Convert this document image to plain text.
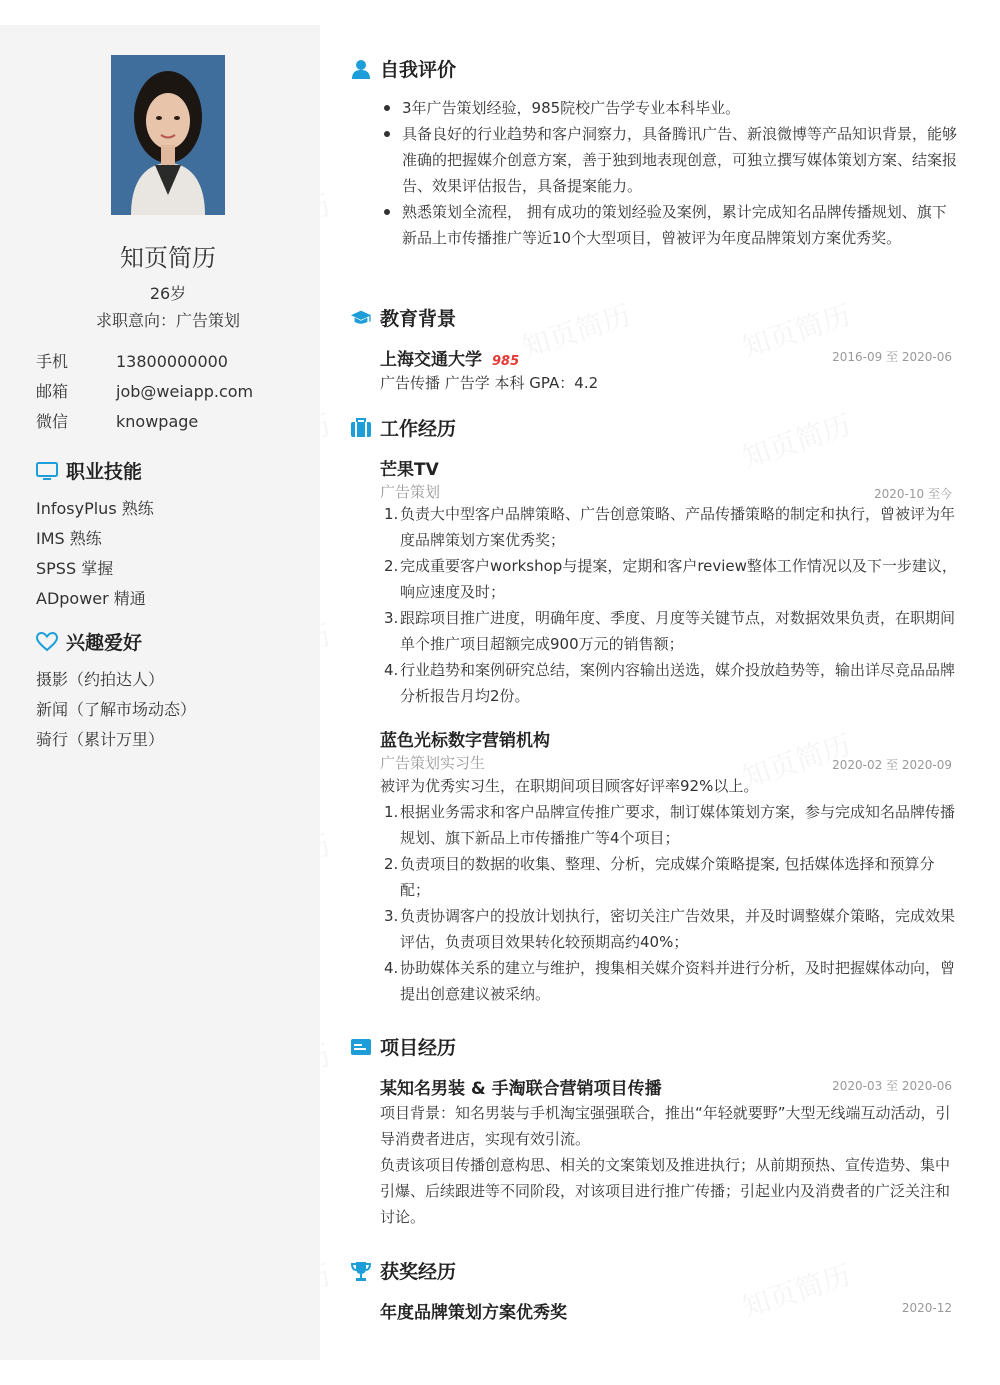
知页简历
26岁
求职意向：广告策划
手机	13800000000
邮箱	job@weiapp.com
微信	knowpage
职业技能
InfosyPlus 熟练
IMS 熟练
SPSS 掌握
ADpower 精通
兴趣爱好
摄影（约拍达人）
新闻（了解市场动态）
骑行（累计万里）
自我评价
3年广告策划经验，985院校广告学专业本科毕业。
具备良好的行业趋势和客户洞察力，具备腾讯广告、新浪微博等产品知识背景，能够准确的把握媒介创意方案，善于独到地表现创意，可独立撰写媒体策划方案、结案报告、效果评估报告，具备提案能力。
熟悉策划全流程， 拥有成功的策划经验及案例，累计完成知名品牌传播规划、旗下新品上市传播推广等近10个大型项目，曾被评为年度品牌策划方案优秀奖。
教育背景
上海交通大学 985	2016-09 至 2020-06
广告传播 广告学 本科 GPA：4.2
工作经历
芒果TV
广告策划	2020-10 至今
1. 负责大中型客户品牌策略、广告创意策略、产品传播策略的制定和执行，曾被评为年度品牌策划方案优秀奖；
2. 完成重要客户workshop与提案，定期和客户review整体工作情况以及下一步建议，响应速度及时；
3. 跟踪项目推广进度，明确年度、季度、月度等关键节点，对数据效果负责，在职期间单个推广项目超额完成900万元的销售额；
4. 行业趋势和案例研究总结，案例内容输出送选，媒介投放趋势等，输出详尽竞品品牌分析报告月均2份。
蓝色光标数字营销机构
广告策划实习生	2020-02 至 2020-09
被评为优秀实习生，在职期间项目顾客好评率92%以上。
1. 根据业务需求和客户品牌宣传推广要求，制订媒体策划方案，参与完成知名品牌传播规划、旗下新品上市传播推广等4个项目；
2. 负责项目的数据的收集、整理、分析，完成媒介策略提案, 包括媒体选择和预算分配；
3. 负责协调客户的投放计划执行，密切关注广告效果，并及时调整媒介策略，完成效果评估，负责项目效果转化较预期高约40%；
4. 协助媒体关系的建立与维护，搜集相关媒介资料并进行分析，及时把握媒体动向，曾提出创意建议被采纳。
项目经历
某知名男装 & 手淘联合营销项目传播	2020-03 至 2020-06
项目背景：知名男装与手机淘宝强强联合，推出“年轻就要野”大型无线端互动活动，引导消费者进店，实现有效引流。
负责该项目传播创意构思、相关的文案策划及推进执行；从前期预热、宣传造势、集中引爆、后续跟进等不同阶段，对该项目进行推广传播；引起业内及消费者的广泛关注和讨论。
获奖经历
年度品牌策划方案优秀奖	2020-12
